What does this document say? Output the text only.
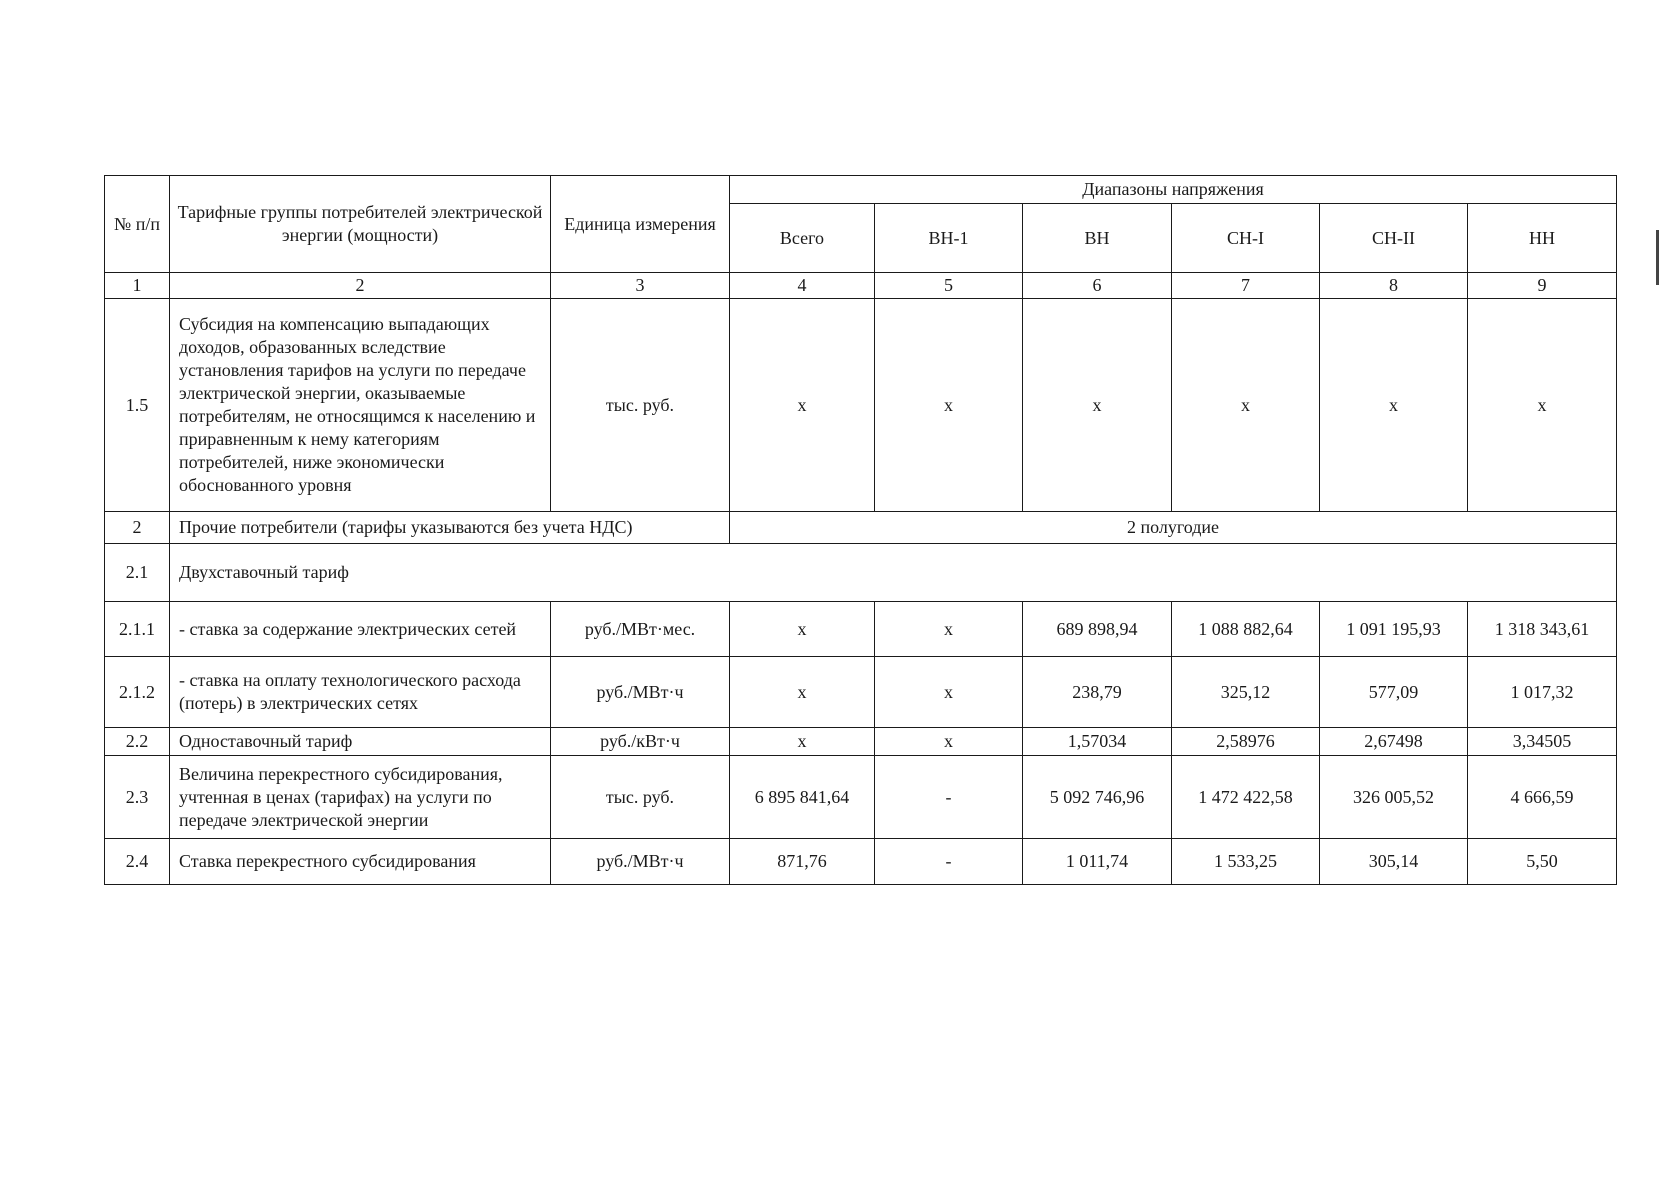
№ п/п	Тарифные группы потребителей электрической энергии (мощности)	Единица измерения	Диапазоны напряжения					
			Всего	ВН-1	ВН	СН-I	СН-II	НН
1	2	3	4	5	6	7	8	9
1.5	Субсидия на компенсацию выпадающих доходов, образованных вследствие установления тарифов на услуги по передаче электрической энергии, оказываемые потребителям, не относящимся к населению и приравненным к нему категориям потребителей, ниже экономически обоснованного уровня	тыс. руб.	х	х	х	х	х	х
2	Прочие потребители (тарифы указываются без учета НДС)		2 полугодие					
2.1	Двухставочный тариф							
2.1.1	- ставка за содержание электрических сетей	руб./МВт·мес.	х	х	689 898,94	1 088 882,64	1 091 195,93	1 318 343,61
2.1.2	- ставка на оплату технологического расхода (потерь) в электрических сетях	руб./МВт·ч	х	х	238,79	325,12	577,09	1 017,32
2.2	Одноставочный тариф	руб./кВт·ч	х	х	1,57034	2,58976	2,67498	3,34505
2.3	Величина перекрестного субсидирования, учтенная в ценах (тарифах) на услуги по передаче электрической энергии	тыс. руб.	6 895 841,64	-	5 092 746,96	1 472 422,58	326 005,52	4 666,59
2.4	Ставка перекрестного субсидирования	руб./МВт·ч	871,76	-	1 011,74	1 533,25	305,14	5,50
